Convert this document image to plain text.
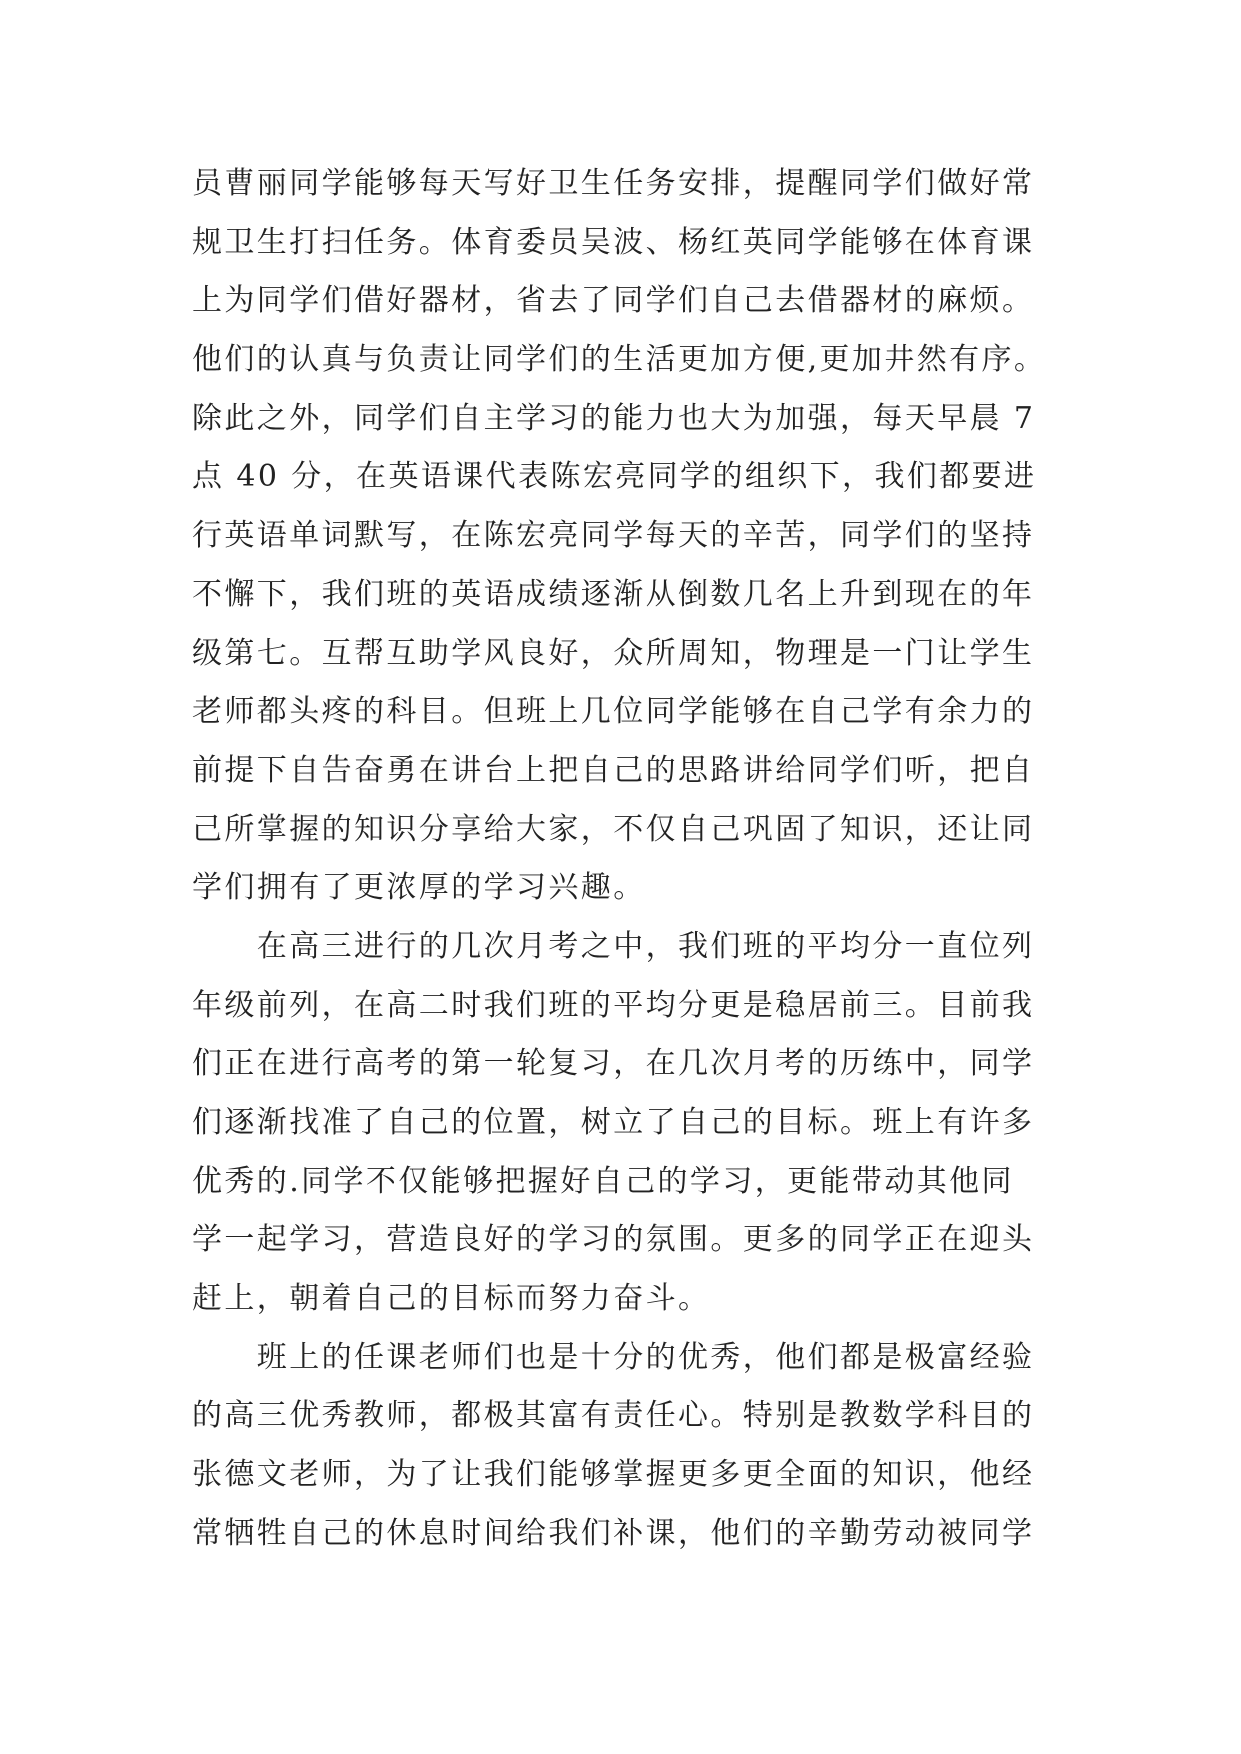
员曹丽同学能够每天写好卫生任务安排，提醒同学们做好常
规卫生打扫任务。体育委员吴波、杨红英同学能够在体育课
上为同学们借好器材，省去了同学们自己去借器材的麻烦。
他们的认真与负责让同学们的生活更加方便,更加井然有序。
除此之外，同学们自主学习的能力也大为加强，每天早晨 7
点 40 分，在英语课代表陈宏亮同学的组织下，我们都要进
行英语单词默写，在陈宏亮同学每天的辛苦，同学们的坚持
不懈下，我们班的英语成绩逐渐从倒数几名上升到现在的年
级第七。互帮互助学风良好，众所周知，物理是一门让学生
老师都头疼的科目。但班上几位同学能够在自己学有余力的
前提下自告奋勇在讲台上把自己的思路讲给同学们听，把自
己所掌握的知识分享给大家，不仅自己巩固了知识，还让同
学们拥有了更浓厚的学习兴趣。
　　在高三进行的几次月考之中，我们班的平均分一直位列
年级前列，在高二时我们班的平均分更是稳居前三。目前我
们正在进行高考的第一轮复习，在几次月考的历练中，同学
们逐渐找准了自己的位置，树立了自己的目标。班上有许多
优秀的.同学不仅能够把握好自己的学习，更能带动其他同
学一起学习，营造良好的学习的氛围。更多的同学正在迎头
赶上，朝着自己的目标而努力奋斗。
　　班上的任课老师们也是十分的优秀，他们都是极富经验
的高三优秀教师，都极其富有责任心。特别是教数学科目的
张德文老师，为了让我们能够掌握更多更全面的知识，他经
常牺牲自己的休息时间给我们补课，他们的辛勤劳动被同学
